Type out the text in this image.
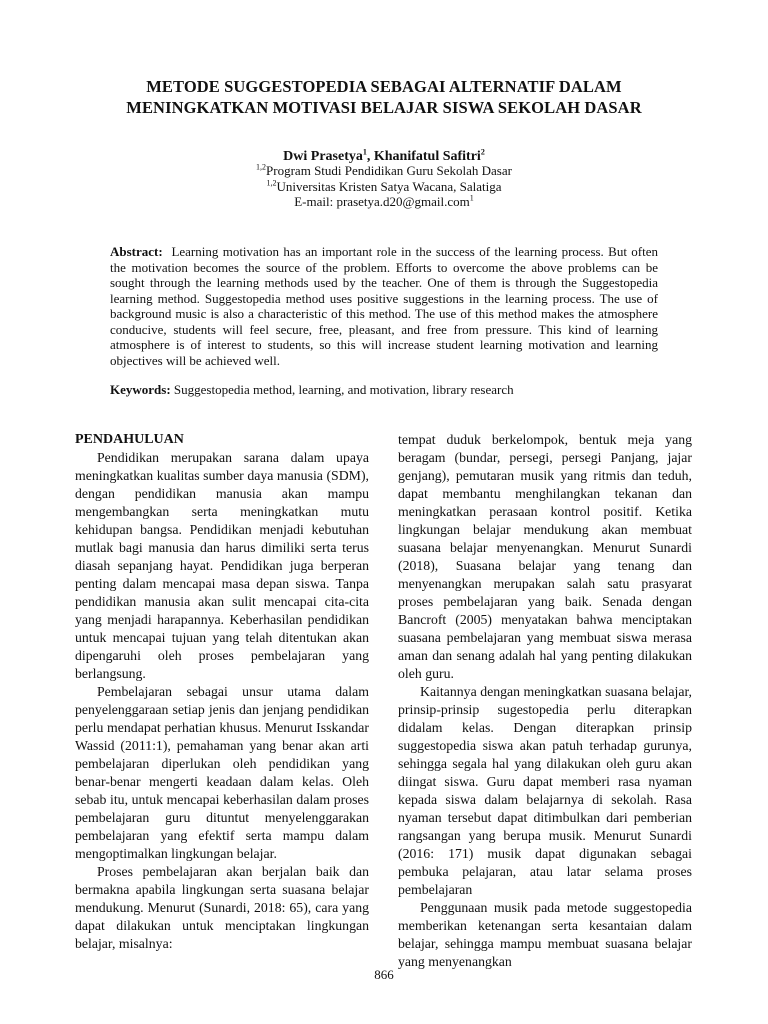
METODE SUGGESTOPEDIA SEBAGAI ALTERNATIF DALAM
MENINGKATKAN MOTIVASI BELAJAR SISWA SEKOLAH DASAR
Dwi Prasetya$^1$, Khanifatul Safitri$^2$
$^{1,2}$Program Studi Pendidikan Guru Sekolah Dasar
$^{1,2}$Universitas Kristen Satya Wacana, Salatiga
E-mail: prasetya.d20@gmail.com$^1$
Abstract: Learning motivation has an important role in the success of the learning process. But often the motivation becomes the source of the problem. Efforts to overcome the above problems can be sought through the learning methods used by the teacher. One of them is through the Suggestopedia learning method. Suggestopedia method uses positive suggestions in the learning process. The use of background music is also a characteristic of this method. The use of this method makes the atmosphere conducive, students will feel secure, free, pleasant, and free from pressure. This kind of learning atmosphere is of interest to students, so this will increase student learning motivation and learning objectives will be achieved well.
Keywords: Suggestopedia method, learning, and motivation, library research
PENDAHULUAN

Pendidikan merupakan sarana dalam upaya meningkatkan kualitas sumber daya manusia (SDM), dengan pendidikan manusia akan mampu mengembangkan serta meningkatkan mutu kehidupan bangsa. Pendidikan menjadi kebutuhan mutlak bagi manusia dan harus dimiliki serta terus diasah sepanjang hayat. Pendidikan juga berperan penting dalam mencapai masa depan siswa. Tanpa pendidikan manusia akan sulit mencapai cita-cita yang menjadi harapannya. Keberhasilan pendidikan untuk mencapai tujuan yang telah ditentukan akan dipengaruhi oleh proses pembelajaran yang berlangsung.

Pembelajaran sebagai unsur utama dalam penyelenggaraan setiap jenis dan jenjang pendidikan perlu mendapat perhatian khusus. Menurut Isskandar Wassid (2011:1), pemahaman yang benar akan arti pembelajaran diperlukan oleh pendidikan yang benar-benar mengerti keadaan dalam kelas. Oleh sebab itu, untuk mencapai keberhasilan dalam proses pembelajaran guru dituntut menyelenggarakan pembelajaran yang efektif serta mampu dalam mengoptimalkan lingkungan belajar.

Proses pembelajaran akan berjalan baik dan bermakna apabila lingkungan serta suasana belajar mendukung. Menurut (Sunardi, 2018: 65), cara yang dapat dilakukan untuk menciptakan lingkungan belajar, misalnya:

tempat duduk berkelompok, bentuk meja yang beragam (bundar, persegi, persegi Panjang, jajar genjang), pemutaran musik yang ritmis dan teduh, dapat membantu menghilangkan tekanan dan meningkatkan perasaan kontrol positif. Ketika lingkungan belajar mendukung akan membuat suasana belajar menyenangkan. Menurut Sunardi (2018), Suasana belajar yang tenang dan menyenangkan merupakan salah satu prasyarat proses pembelajaran yang baik. Senada dengan Bancroft (2005) menyatakan bahwa menciptakan suasana pembelajaran yang membuat siswa merasa aman dan senang adalah hal yang penting dilakukan oleh guru.

Kaitannya dengan meningkatkan suasana belajar, prinsip-prinsip sugestopedia perlu diterapkan didalam kelas. Dengan diterapkan prinsip suggestopedia siswa akan patuh terhadap gurunya, sehingga segala hal yang dilakukan oleh guru akan diingat siswa. Guru dapat memberi rasa nyaman kepada siswa dalam belajarnya di sekolah. Rasa nyaman tersebut dapat ditimbulkan dari pemberian rangsangan yang berupa musik. Menurut Sunardi (2016: 171) musik dapat digunakan sebagai pembuka pelajaran, atau latar selama proses pembelajaran

Penggunaan musik pada metode suggestopedia memberikan ketenangan serta kesantaian dalam belajar, sehingga mampu membuat suasana belajar yang menyenangkan

866
